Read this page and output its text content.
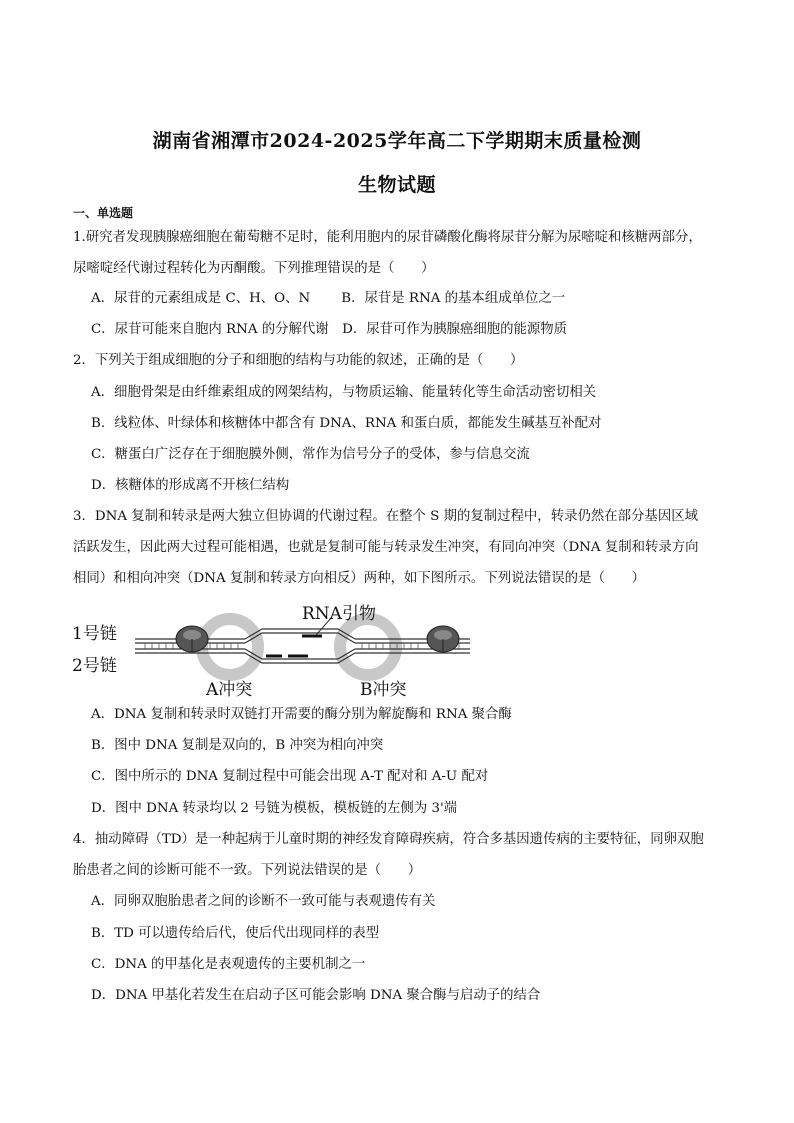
湖南省湘潭市2024-2025学年高二下学期期末质量检测
生物试题
一、单选题
1.研究者发现胰腺癌细胞在葡萄糖不足时，能利用胞内的尿苷磷酸化酶将尿苷分解为尿嘧啶和核糖两部分，
尿嘧啶经代谢过程转化为丙酮酸。下列推理错误的是（　　）
A．尿苷的元素组成是 C、H、O、N　　 B．尿苷是 RNA 的基本组成单位之一
C．尿苷可能来自胞内 RNA 的分解代谢　D．尿苷可作为胰腺癌细胞的能源物质
2．下列关于组成细胞的分子和细胞的结构与功能的叙述，正确的是（　　）
A．细胞骨架是由纤维素组成的网架结构，与物质运输、能量转化等生命活动密切相关
B．线粒体、叶绿体和核糖体中都含有 DNA、RNA 和蛋白质，都能发生碱基互补配对
C．糖蛋白广泛存在于细胞膜外侧，常作为信号分子的受体，参与信息交流
D．核糖体的形成离不开核仁结构
3．DNA 复制和转录是两大独立但协调的代谢过程。在整个 S 期的复制过程中，转录仍然在部分基因区域
活跃发生，因此两大过程可能相遇，也就是复制可能与转录发生冲突，有同向冲突（DNA 复制和转录方向
相同）和相向冲突（DNA 复制和转录方向相反）两种，如下图所示。下列说法错误的是（　　）
1号链
2号链
RNA引物
A冲突	B冲突
A．DNA 复制和转录时双链打开需要的酶分别为解旋酶和 RNA 聚合酶
B．图中 DNA 复制是双向的，B 冲突为相向冲突
C．图中所示的 DNA 复制过程中可能会出现 A-T 配对和 A-U 配对
D．图中 DNA 转录均以 2 号链为模板，模板链的左侧为 3'端
4．抽动障碍（TD）是一种起病于儿童时期的神经发育障碍疾病，符合多基因遗传病的主要特征，同卵双胞
胎患者之间的诊断可能不一致。下列说法错误的是（　　）
A．同卵双胞胎患者之间的诊断不一致可能与表观遗传有关
B．TD 可以遗传给后代，使后代出现同样的表型
C．DNA 的甲基化是表观遗传的主要机制之一
D．DNA 甲基化若发生在启动子区可能会影响 DNA 聚合酶与启动子的结合
